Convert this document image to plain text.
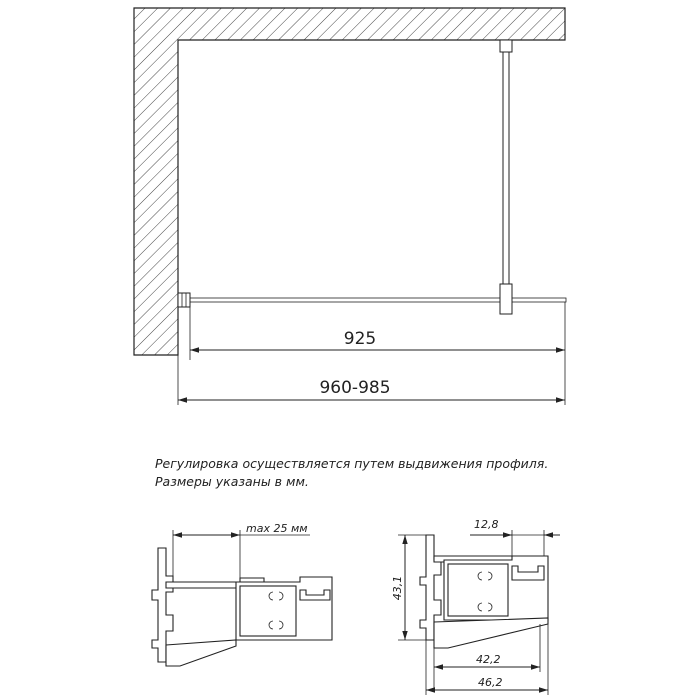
925
960-985
Регулировка осуществляется путем выдвижения профиля.
Размеры указаны в мм.
max 25 мм	12,8
43,1
42,2
46,2
